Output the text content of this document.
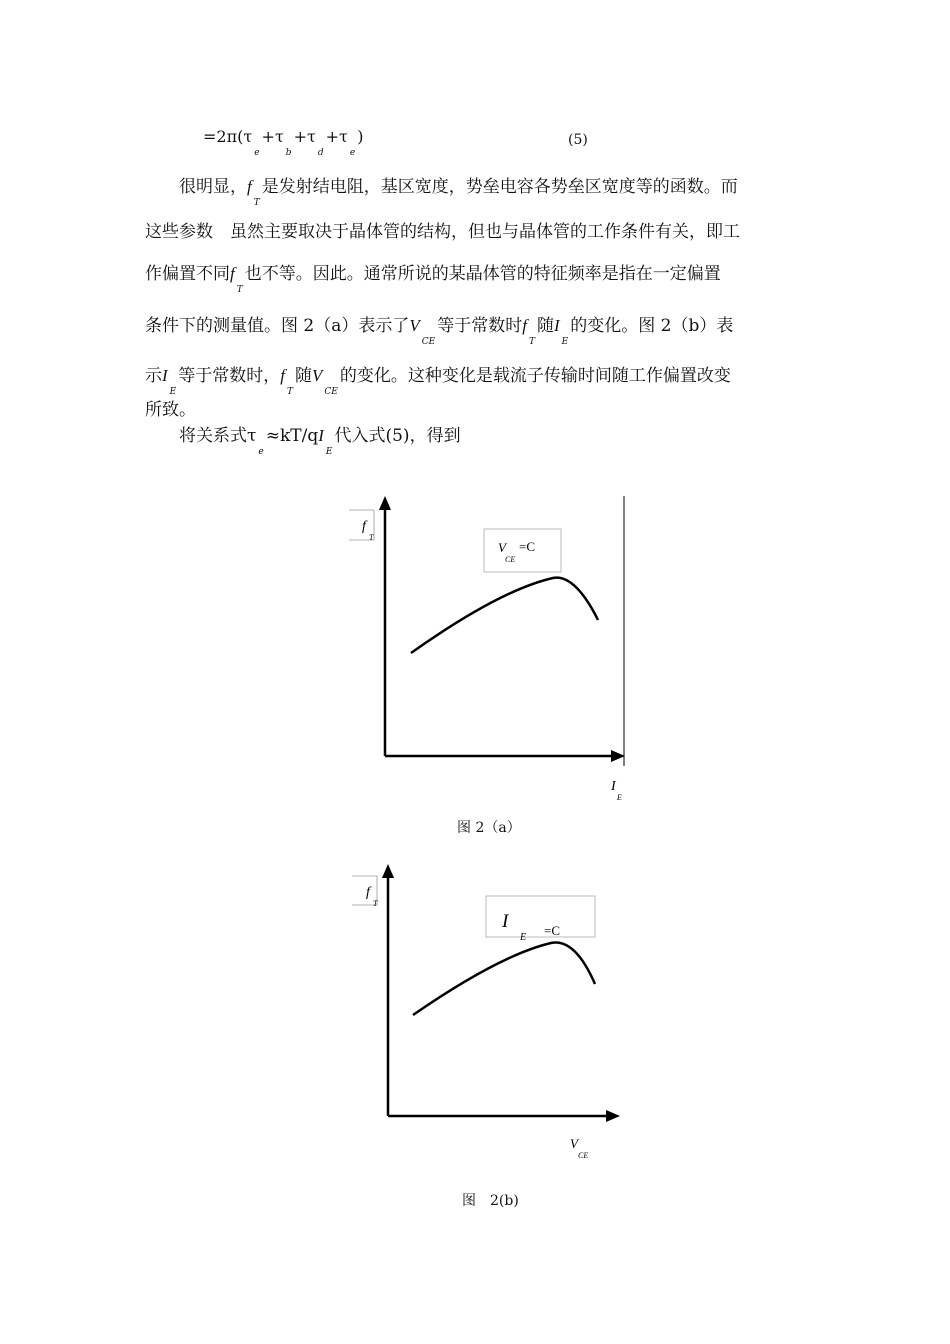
$=2\pi(\tau_e+\tau_b+\tau_d+\tau_e)$	(5)
很明显，$f_T$是发射结电阻，基区宽度，势垒电容各势垒区宽度等的函数。而
这些参数　虽然主要取决于晶体管的结构，但也与晶体管的工作条件有关，即工
作偏置不同$f_T$也不等。因此。通常所说的某晶体管的特征频率是指在一定偏置
条件下的测量值。图 2（a）表示了$V_{CE}$等于常数时$f_T$随$I_E$的变化。图 2（b）表
示$I_E$等于常数时，$f_T$随$V_{CE}$的变化。这种变化是载流子传输时间随工作偏置改变
所致。
将关系式$\tau_e\approx kT/qI_E$代入式(5)，得到
f
T
V
CE
=C
I
E
图 2（a）
f
T
I
E =C
V
CE
图　2(b)
